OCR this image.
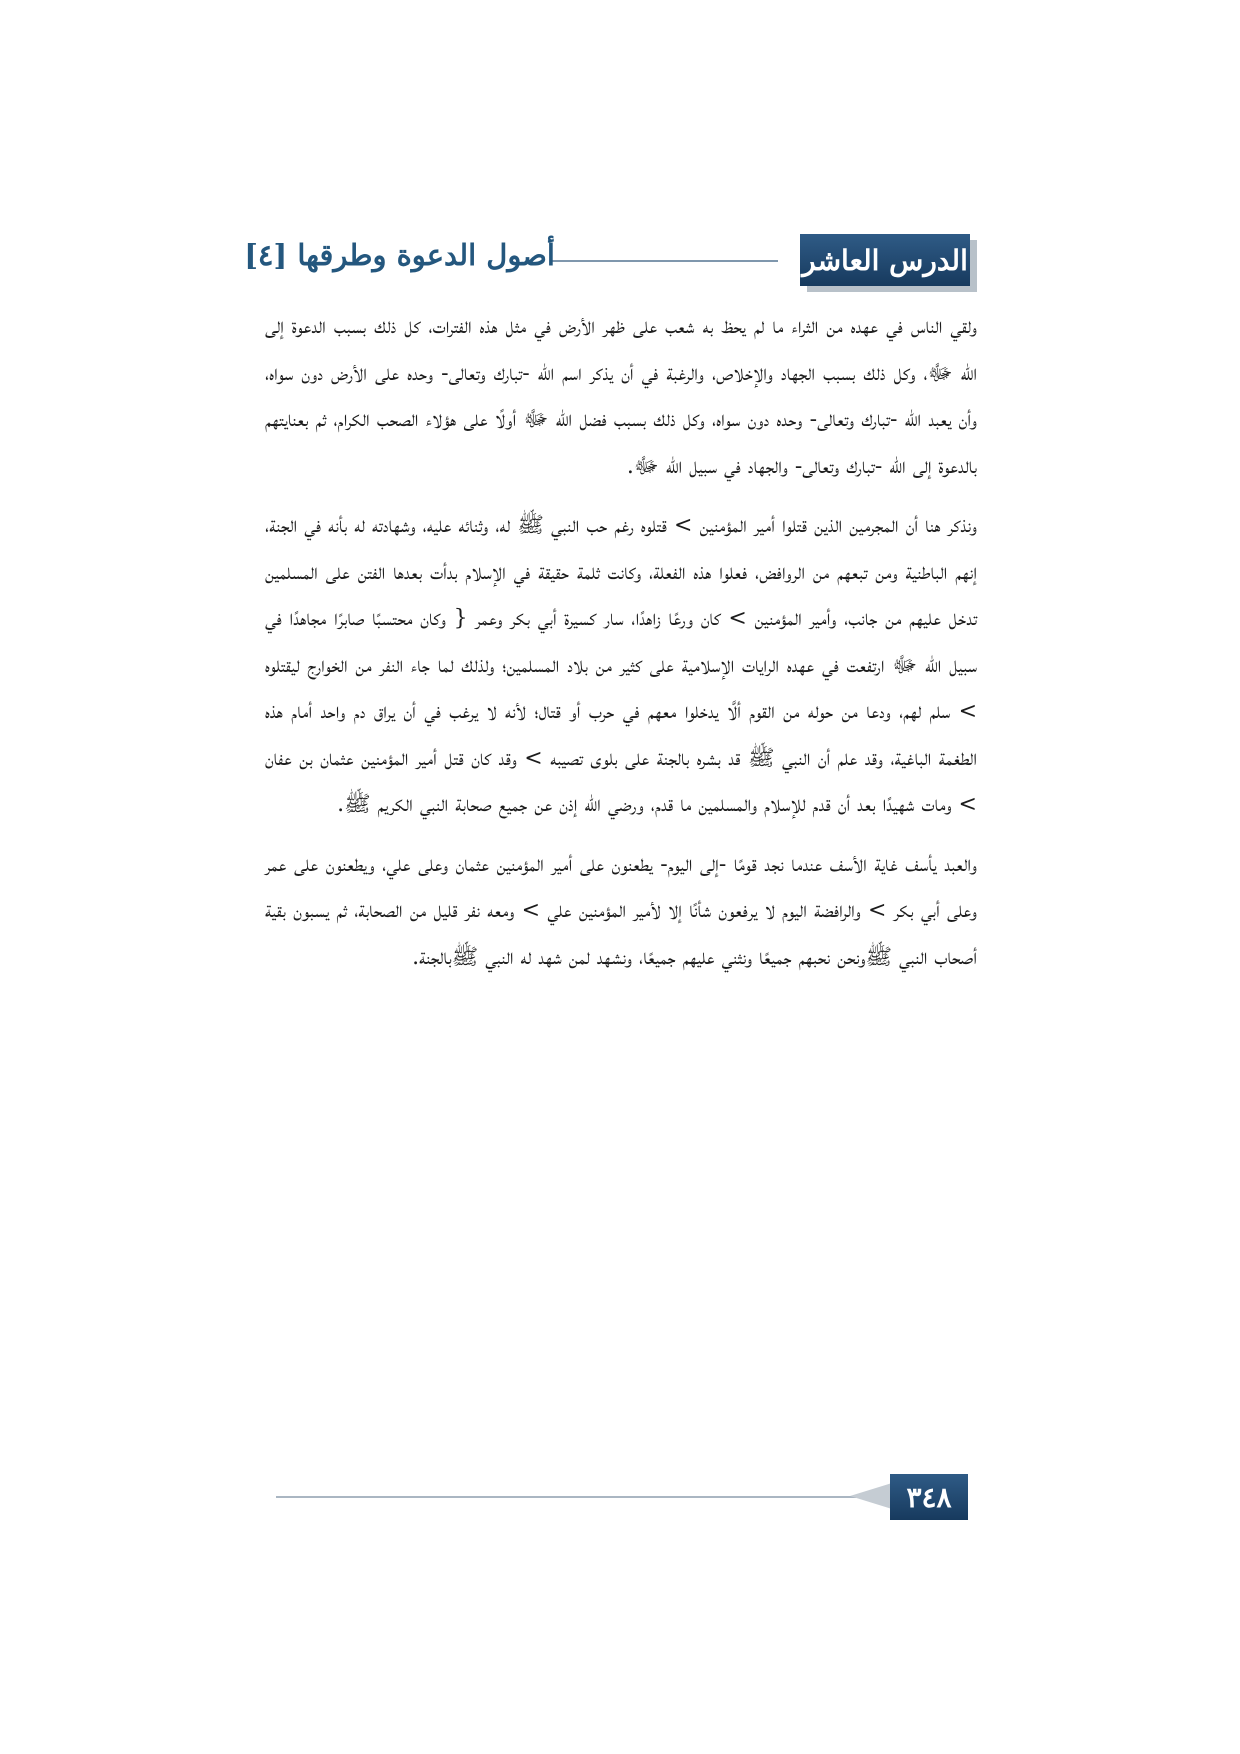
الدرس العاشر
أصول الدعوة وطرقها [٤]

ولقي الناس في عهده من الثراء ما لم يحظ به شعب على ظهر الأرض في مثل هذه الفترات، كل ذلك بسبب الدعوة إلى الله ﷻ، وكل ذلك بسبب الجهاد والإخلاص، والرغبة في أن يذكر اسم الله -تبارك وتعالى- وحده على الأرض دون سواه، وأن يعبد الله -تبارك وتعالى- وحده دون سواه، وكل ذلك بسبب فضل الله ﷻ أولًا على هؤلاء الصحب الكرام، ثم بعنايتهم بالدعوة إلى الله -تبارك وتعالى- والجهاد في سبيل الله ﷻ.

ونذكر هنا أن المجرمين الذين قتلوا أمير المؤمنين > قتلوه رغم حب النبي ﷺ له، وثنائه عليه، وشهادته له بأنه في الجنة، إنهم الباطنية ومن تبعهم من الروافض، فعلوا هذه الفعلة، وكانت ثلمة حقيقة في الإسلام بدأت بعدها الفتن على المسلمين تدخل عليهم من جانب، وأمير المؤمنين > كان ورعًا زاهدًا، سار كسيرة أبي بكر وعمر { وكان محتسبًا صابرًا مجاهدًا في سبيل الله ﷻ ارتفعت في عهده الرايات الإسلامية على كثير من بلاد المسلمين؛ ولذلك لما جاء النفر من الخوارج ليقتلوه > سلم لهم، ودعا من حوله من القوم ألَّا يدخلوا معهم في حرب أو قتال؛ لأنه لا يرغب في أن يراق دم واحد أمام هذه الطغمة الباغية، وقد علم أن النبي ﷺ قد بشره بالجنة على بلوى تصيبه > وقد كان قتل أمير المؤمنين عثمان بن عفان > ومات شهيدًا بعد أن قدم للإسلام والمسلمين ما قدم، ورضي الله إذن عن جميع صحابة النبي الكريم ﷺ.

والعبد يأسف غاية الأسف عندما نجد قومًا -إلى اليوم- يطعنون على أمير المؤمنين عثمان وعلى علي، ويطعنون على عمر وعلى أبي بكر > والرافضة اليوم لا يرفعون شأنًا إلا لأمير المؤمنين علي > ومعه نفر قليل من الصحابة، ثم يسبون بقية أصحاب النبي ﷺونحن نحبهم جميعًا ونثني عليهم جميعًا، ونشهد لمن شهد له النبي ﷺبالجنة.

٣٤٨
